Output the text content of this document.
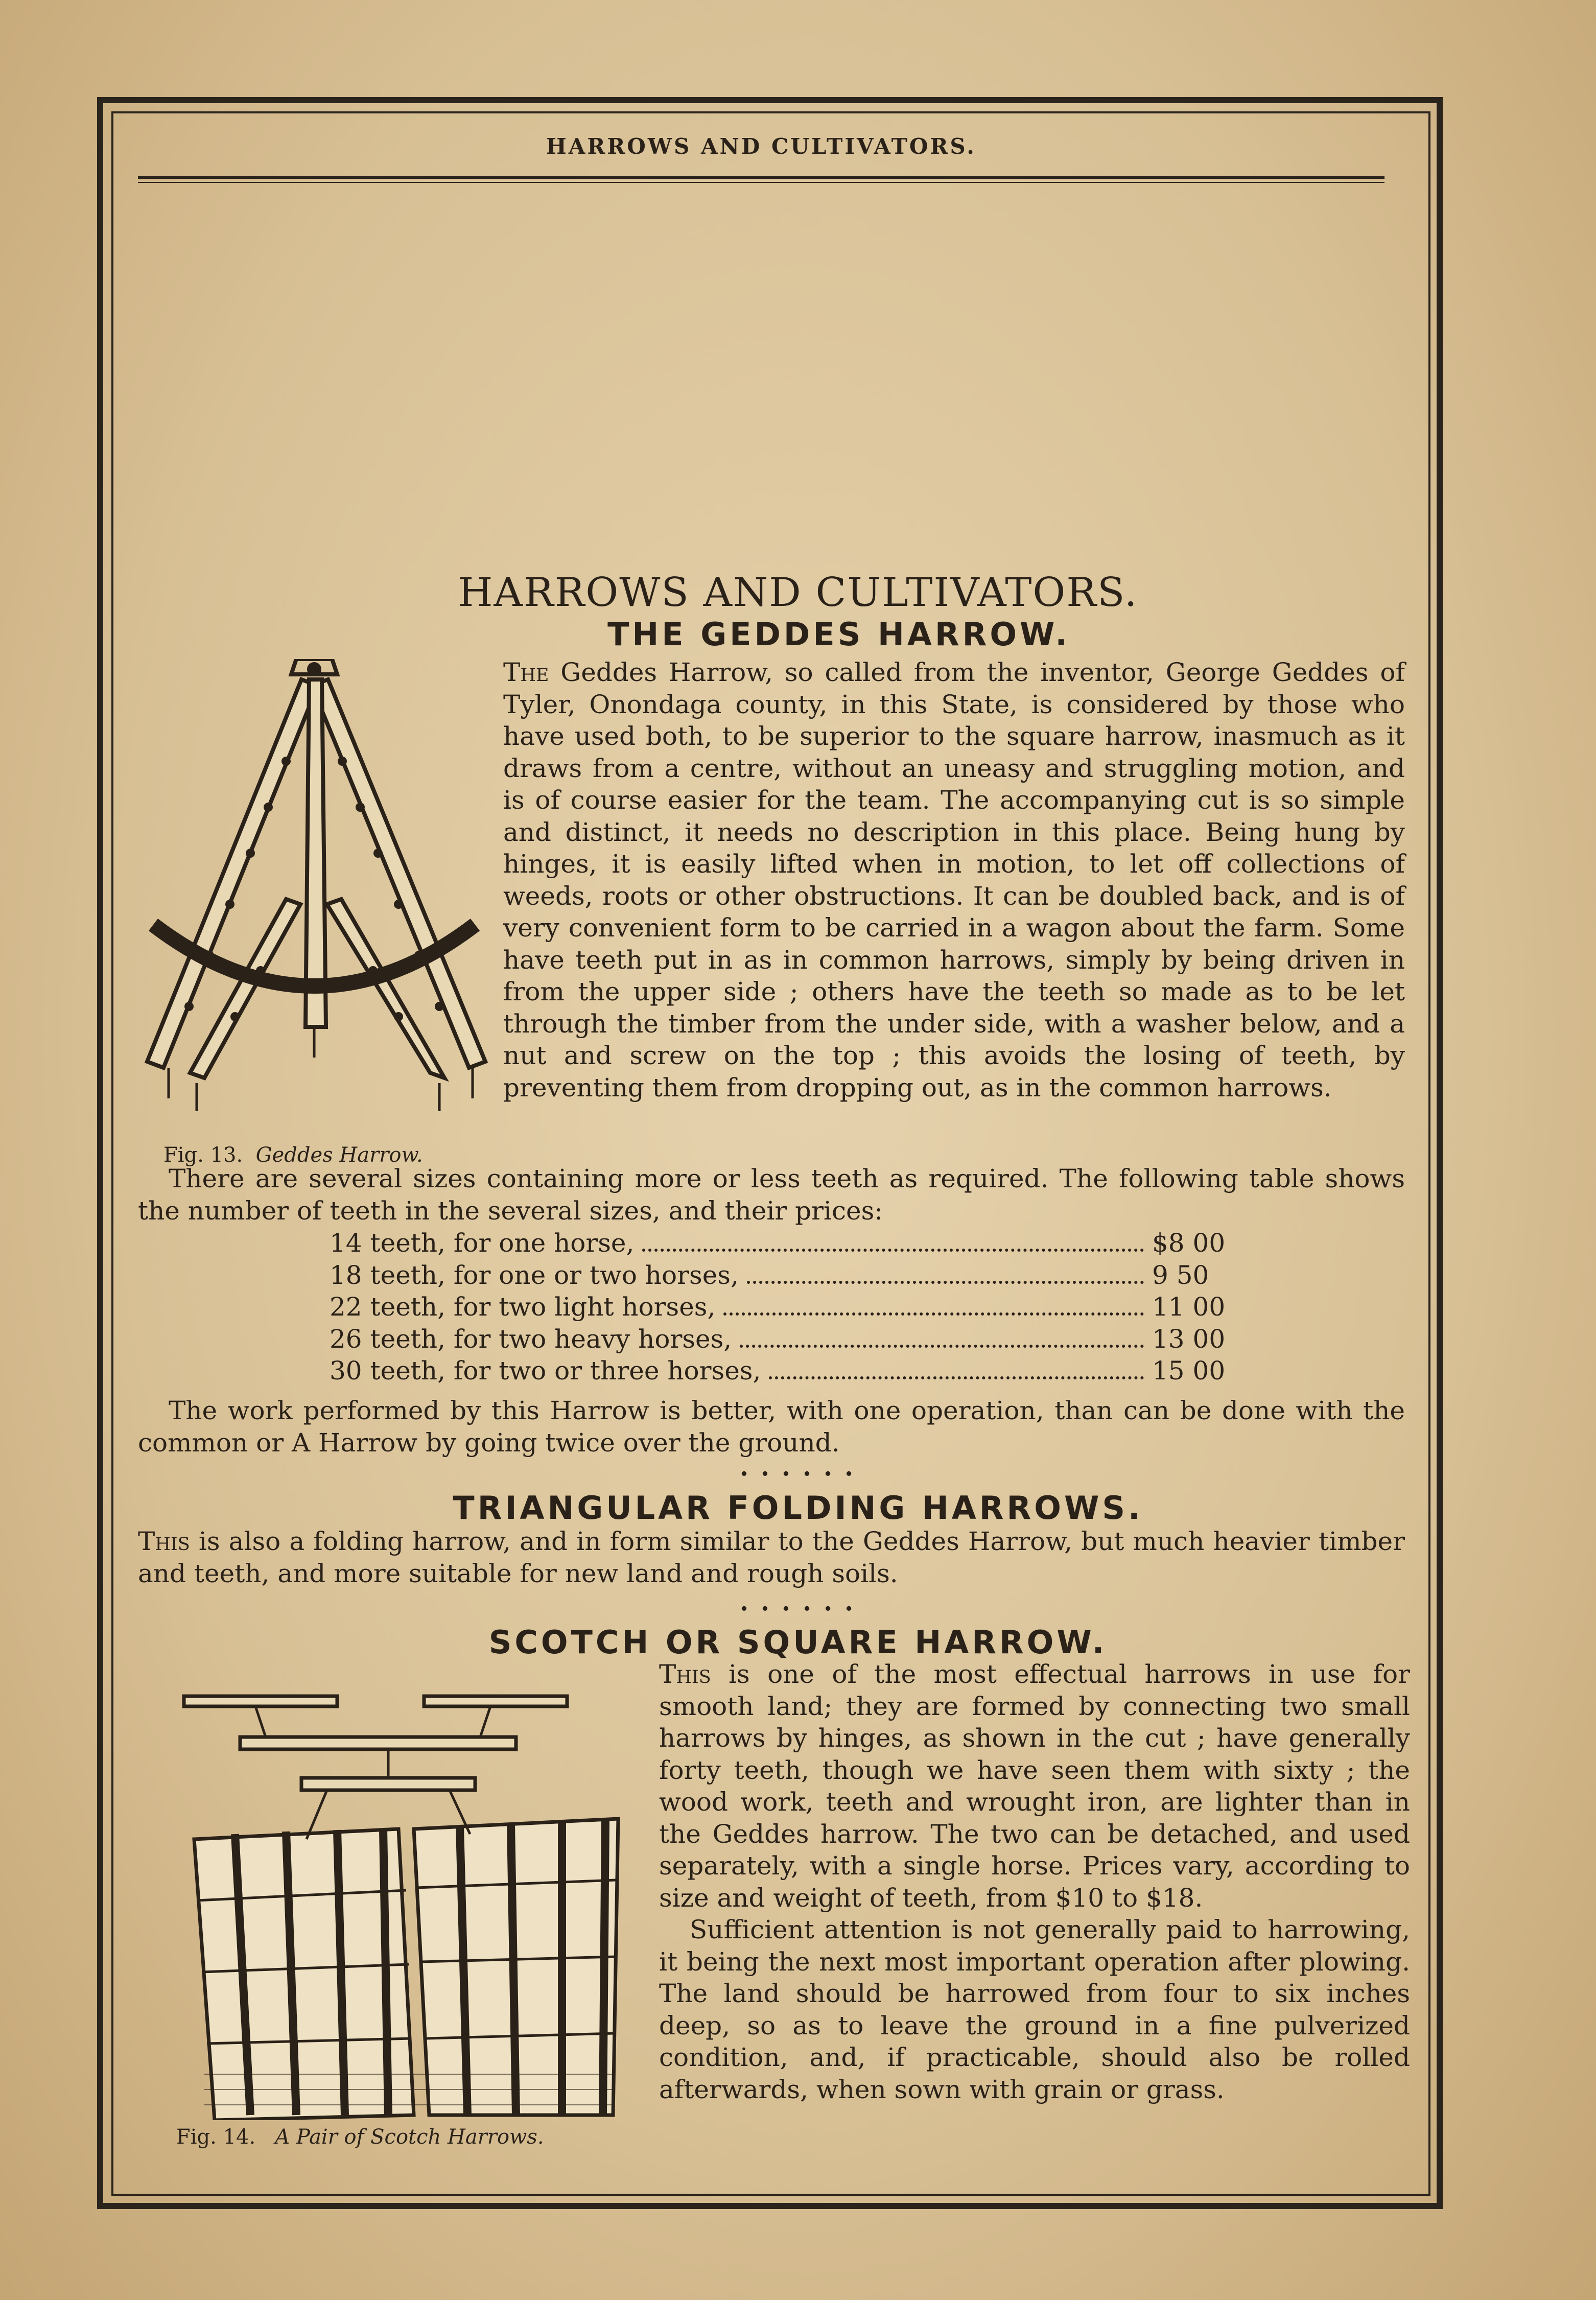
HARROWS AND CULTIVATORS.
HARROWS AND CULTIVATORS.
THE GEDDES HARROW.
Fig. 13. Geddes Harrow.

The Geddes Harrow, so called from the inventor, George Geddes of Tyler, Onondaga county, in this State, is considered by those who have used both, to be superior to the square harrow, inasmuch as it draws from a centre, without an uneasy and struggling motion, and is of course easier for the team. The accompanying cut is so simple and distinct, it needs no description in this place. Being hung by hinges, it is easily lifted when in motion, to let off collections of weeds, roots or other obstructions. It can be doubled back, and is of very convenient form to be carried in a wagon about the farm. Some have teeth put in as in common harrows, simply by being driven in from the upper side ; others have the teeth so made as to be let through the timber from the under side, with a washer below, and a nut and screw on the top ; this avoids the losing of teeth, by preventing them from dropping out, as in the common harrows.

There are several sizes containing more or less teeth as required. The following table shows the number of teeth in the several sizes, and their prices:

14 teeth, for one horse,	$8 00
18 teeth, for one or two horses,	9 50
22 teeth, for two light horses,	11 00
26 teeth, for two heavy horses,	13 00
30 teeth, for two or three horses,	15 00

The work performed by this Harrow is better, with one operation, than can be done with the common or A Harrow by going twice over the ground.

• • • • • •
TRIANGULAR FOLDING HARROWS.

This is also a folding harrow, and in form similar to the Geddes Harrow, but much heavier timber and teeth, and more suitable for new land and rough soils.

• • • • • •
SCOTCH OR SQUARE HARROW.
Fig. 14. A Pair of Scotch Harrows.

This is one of the most effectual harrows in use for smooth land; they are formed by connecting two small harrows by hinges, as shown in the cut ; have generally forty teeth, though we have seen them with sixty ; the wood work, teeth and wrought iron, are lighter than in the Geddes harrow. The two can be detached, and used separately, with a single horse. Prices vary, according to size and weight of teeth, from $10 to $18.

Sufficient attention is not generally paid to harrowing, it being the next most important operation after plowing. The land should be harrowed from four to six inches deep, so as to leave the ground in a fine pulverized condition, and, if practicable, should also be rolled afterwards, when sown with grain or grass.
